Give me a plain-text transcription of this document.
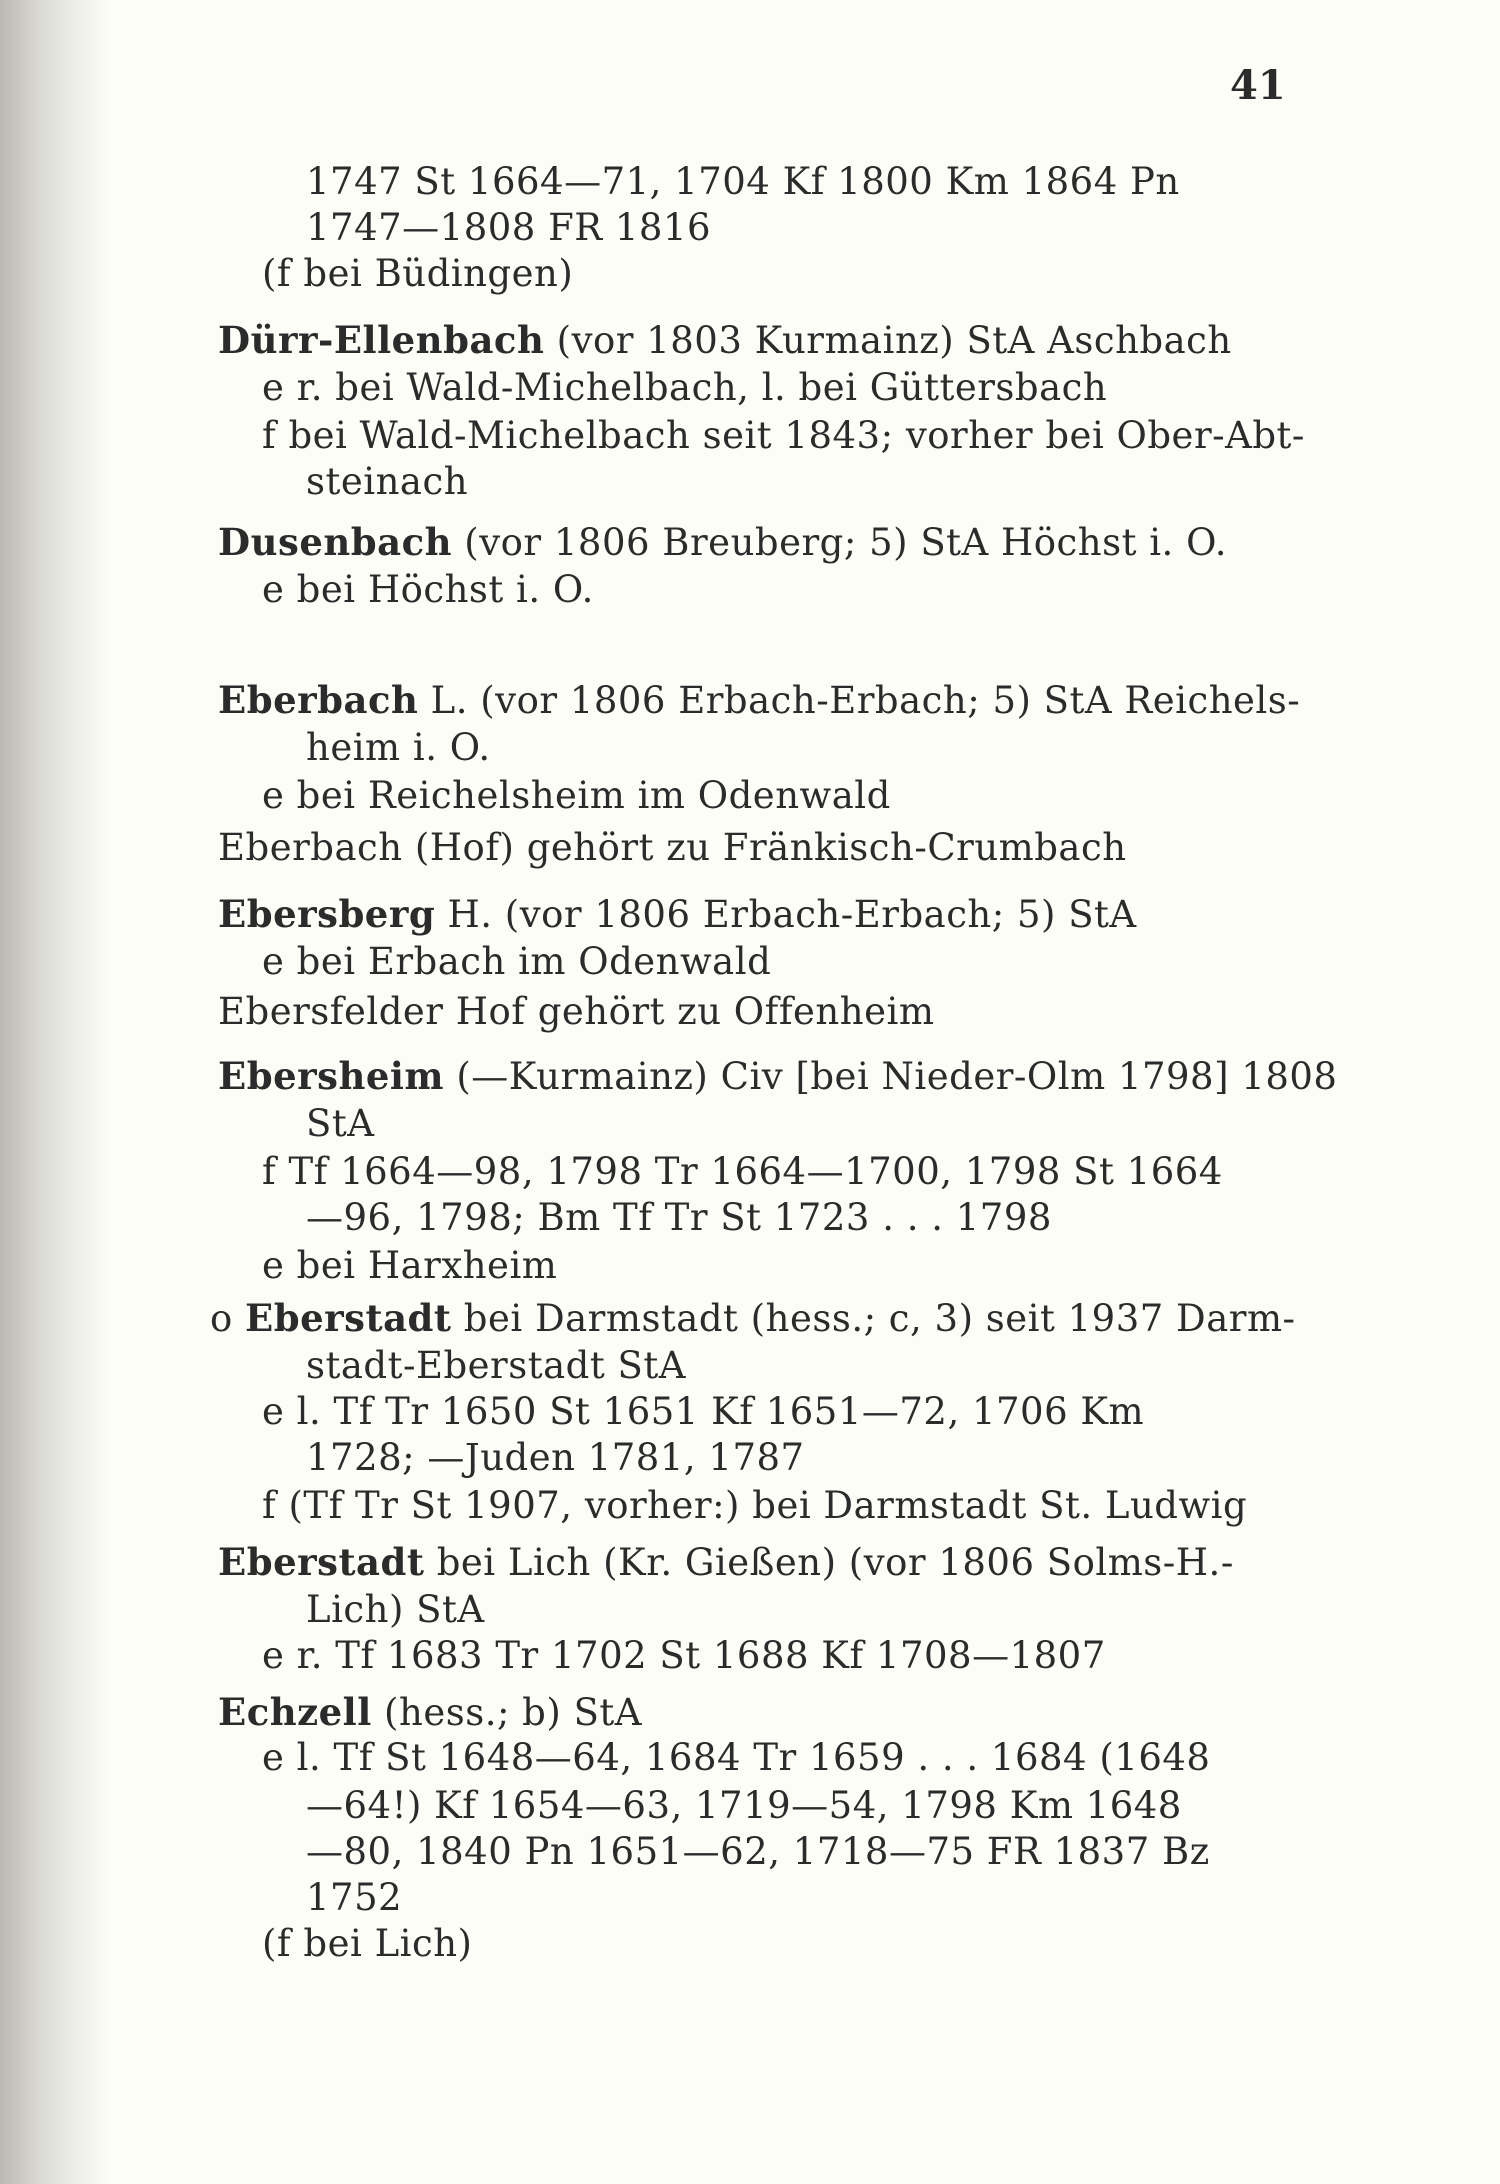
41
1747 St 1664—71, 1704 Kf 1800 Km 1864 Pn
1747—1808 FR 1816
(f bei Büdingen)
Dürr-Ellenbach (vor 1803 Kurmainz) StA Aschbach
e r. bei Wald-Michelbach, l. bei Güttersbach
f bei Wald-Michelbach seit 1843; vorher bei Ober-Abt-
steinach
Dusenbach (vor 1806 Breuberg; 5) StA Höchst i. O.
e bei Höchst i. O.
Eberbach L. (vor 1806 Erbach-Erbach; 5) StA Reichels-
heim i. O.
e bei Reichelsheim im Odenwald
Eberbach (Hof) gehört zu Fränkisch-Crumbach
Ebersberg H. (vor 1806 Erbach-Erbach; 5) StA
e bei Erbach im Odenwald
Ebersfelder Hof gehört zu Offenheim
Ebersheim (—Kurmainz) Civ [bei Nieder-Olm 1798] 1808
StA
f Tf 1664—98, 1798 Tr 1664—1700, 1798 St 1664
—96, 1798; Bm Tf Tr St 1723 . . . 1798
e bei Harxheim
o Eberstadt bei Darmstadt (hess.; c, 3) seit 1937 Darm-
stadt-Eberstadt StA
e l. Tf Tr 1650 St 1651 Kf 1651—72, 1706 Km
1728; —Juden 1781, 1787
f (Tf Tr St 1907, vorher:) bei Darmstadt St. Ludwig
Eberstadt bei Lich (Kr. Gießen) (vor 1806 Solms-H.-
Lich) StA
e r. Tf 1683 Tr 1702 St 1688 Kf 1708—1807
Echzell (hess.; b) StA
e l. Tf St 1648—64, 1684 Tr 1659 . . . 1684 (1648
—64!) Kf 1654—63, 1719—54, 1798 Km 1648
—80, 1840 Pn 1651—62, 1718—75 FR 1837 Bz
1752
(f bei Lich)
